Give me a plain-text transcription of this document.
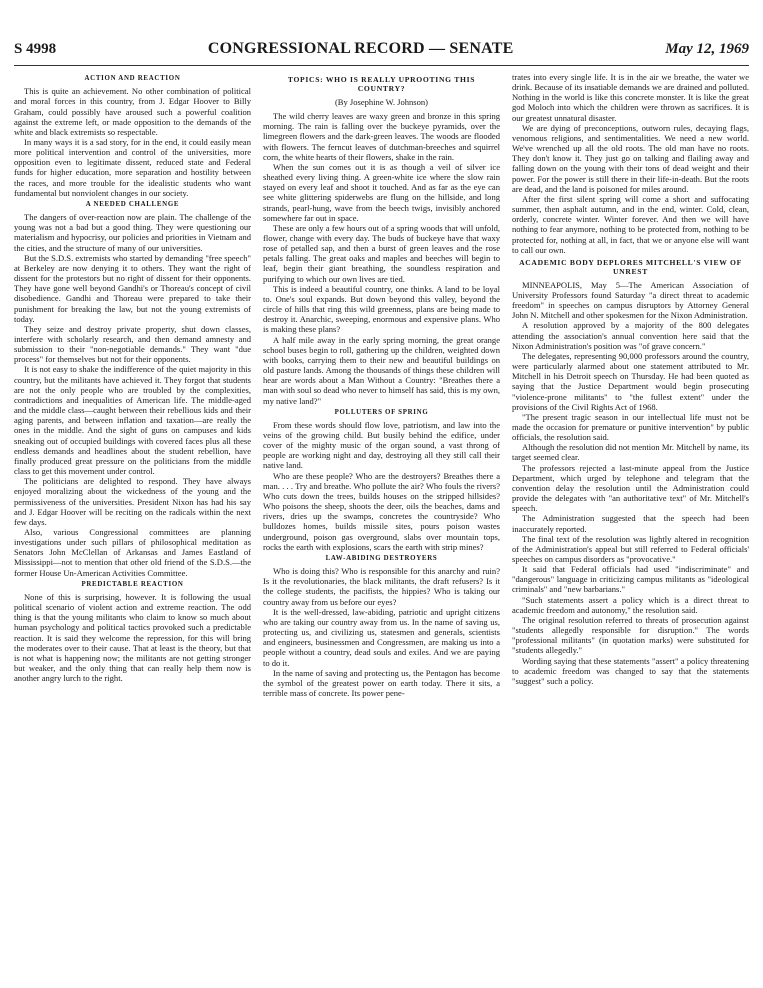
S 4998	CONGRESSIONAL RECORD — SENATE	May 12, 1969
ACTION AND REACTION

This is quite an achievement. No other combination of political and moral forces in this country, from J. Edgar Hoover to Billy Graham, could possibly have aroused such a powerful coalition against the extreme left, or made opposition to the demands of the white and black extremists so respectable.

In many ways it is a sad story, for in the end, it could easily mean more political intervention and control of the universities, more opposition even to legitimate dissent, reduced state and Federal funds for higher education, more separation and hostility between the races, and more trouble for the idealistic students who want fundamental but nonviolent changes in our society.

A NEEDED CHALLENGE

The dangers of over-reaction now are plain. The challenge of the young was not a bad but a good thing. They were questioning our materialism and hypocrisy, our policies and priorities in Vietnam and the cities, and the structure of many of our universities.

But the S.D.S. extremists who started by demanding "free speech" at Berkeley are now denying it to others. They want the right of dissent for the protestors but no right of dissent for their opponents. They have gone well beyond Gandhi's or Thoreau's concept of civil disobedience. Gandhi and Thoreau were prepared to take their punishment for breaking the law, but not the young extremists of today.

They seize and destroy private property, shut down classes, interfere with scholarly research, and then demand amnesty and submission to their "non-negotiable demands." They want "due process" for themselves but not for their opponents.

It is not easy to shake the indifference of the quiet majority in this country, but the militants have achieved it. They forgot that students are not the only people who are troubled by the complexities, contradictions and inequalities of American life. The middle-aged and the middle class—caught between their rebellious kids and their aging parents, and between inflation and taxation—are really the ones in the middle. And the sight of guns on campuses and kids sneaking out of occupied buildings with covered faces plus all these endless demands and headlines about the student rebellion, have finally produced great pressure on the politicians from the middle class to get this movement under control.

The politicians are delighted to respond. They have always enjoyed moralizing about the wickedness of the young and the permissiveness of the universities. President Nixon has had his say and J. Edgar Hoover will be reciting on the radicals within the next few days.

Also, various Congressional committees are planning investigations under such pillars of philosophical meditation as Senators John McClellan of Arkansas and James Eastland of Mississippi—not to mention that other old friend of the S.D.S.—the former House Un-American Activities Committee.

PREDICTABLE REACTION

None of this is surprising, however. It is following the usual political scenario of violent action and extreme reaction. The odd thing is that the young militants who claim to know so much about human psychology and political tactics provoked such a predictable reaction. It is said they welcome the repression, for this will bring the moderates over to their cause. That at least is the theory, but that is not what is happening now; the militants are not getting stronger but weaker, and the only thing that can really help them now is another angry lurch to the right.

TOPICS: WHO IS REALLY UPROOTING THIS COUNTRY?
(By Josephine W. Johnson)

The wild cherry leaves are waxy green and bronze in this spring morning. The rain is falling over the buckeye pyramids, over the limegreen flowers and the dark-green leaves. The woods are flooded with flowers. The ferncut leaves of dutchman-breeches and squirrel corn, the white hearts of their flowers, shake in the rain.

When the sun comes out it is as though a veil of silver ice sheathed every living thing. A green-white ice where the slow rain stayed on every leaf and shoot it touched. And as far as the eye can see white glittering spiderwebs are flung on the hillside, and long strands, pearl-hung, wave from the beech twigs, invisibly anchored somewhere far out in space.

These are only a few hours out of a spring woods that will unfold, flower, change with every day. The buds of buckeye have that waxy rose of petalled sap, and then a burst of green leaves and the rose petals falling. The great oaks and maples and beeches will begin to leaf, begin their giant breathing, the soundless respiration and purifying to which our own lives are tied.

This is indeed a beautiful country, one thinks. A land to be loyal to. One's soul expands. But down beyond this valley, beyond the circle of hills that ring this wild greenness, plans are being made to destroy it. Anarchic, sweeping, enormous and expensive plans. Who is making these plans?

A half mile away in the early spring morning, the great orange school buses begin to roll, gathering up the children, weighted down with books, carrying them to their new and beautiful buildings on old pasture lands. Among the thousands of things these children will hear are words about a Man Without a Country: "Breathes there a man with soul so dead who never to himself has said, this is my own, my native land?"

POLLUTERS OF SPRING

From these words should flow love, patriotism, and law into the veins of the growing child. But busily behind the edifice, under cover of the mighty music of the organ sound, a vast throng of people are working night and day, destroying all they still call their native land.

Who are these people? Who are the destroyers? Breathes there a man. . . . Try and breathe. Who pollute the air? Who fouls the rivers? Who cuts down the trees, builds houses on the stripped hillsides? Who poisons the sheep, shoots the deer, oils the beaches, dams and rivers, dries up the swamps, concretes the countryside? Who bulldozes homes, builds missile sites, pours poison wastes underground, poison gas overground, slabs over mountain tops, rocks the earth with explosions, scars the earth with strip mines?

LAW-ABIDING DESTROYERS

Who is doing this? Who is responsible for this anarchy and ruin? Is it the revolutionaries, the black militants, the draft refusers? Is it the college students, the pacifists, the hippies? Who is taking our country away from us before our eyes?

It is the well-dressed, law-abiding, patriotic and upright citizens who are taking our country away from us. In the name of saving us, protecting us, and civilizing us, statesmen and generals, scientists and engineers, businessmen and Congressmen, are making us into a people without a country, dead souls and exiles. And we are paying to do it.

In the name of saving and protecting us, the Pentagon has become the symbol of the greatest power on earth today. There it sits, a terrible mass of concrete. Its power pene-

trates into every single life. It is in the air we breathe, the water we drink. Because of its insatiable demands we are drained and polluted. Nothing in the world is like this concrete monster. It is like the great god Moloch into which the children were thrown as sacrifices. It is our greatest unnatural disaster.

We are dying of preconceptions, outworn rules, decaying flags, venomous religions, and sentimentalities. We need a new world. We've wrenched up all the old roots. The old man have no roots. They don't know it. They just go on talking and flailing away and falling down on the young with their tons of dead weight and their power. For the power is still there in their life-in-death. But the roots are dead, and the land is poisoned for miles around.

After the first silent spring will come a short and suffocating summer, then asphalt autumn, and in the end, winter. Cold, clean, orderly, concrete winter. Winter forever. And then we will have nothing to fear anymore, nothing to be protected from, nothing to be protected for, nothing at all, in fact, that we or anyone else will want to call our own.

ACADEMIC BODY DEPLORES MITCHELL'S VIEW OF UNREST

MINNEAPOLIS, May 5—The American Association of University Professors found Saturday "a direct threat to academic freedom" in speeches on campus disruptors by Attorney General John N. Mitchell and other spokesmen for the Nixon Administration.

A resolution approved by a majority of the 800 delegates attending the association's annual convention here said that the Nixon Administration's position was "of grave concern."

The delegates, representing 90,000 professors around the country, were particularly alarmed about one statement attributed to Mr. Mitchell in his Detroit speech on Thursday. He had been quoted as saying that the Justice Department would begin prosecuting "violence-prone militants" to "the fullest extent" under the provisions of the Civil Rights Act of 1968.

"The present tragic season in our intellectual life must not be made the occasion for premature or punitive intervention" by public officials, the resolution said.

Although the resolution did not mention Mr. Mitchell by name, its target seemed clear.

The professors rejected a last-minute appeal from the Justice Department, which urged by telephone and telegram that the convention delay the resolution until the Administration could provide the delegates with "an authoritative text" of Mr. Mitchell's speech.

The Administration suggested that the speech had been inaccurately reported.

The final text of the resolution was lightly altered in recognition of the Administration's appeal but still referred to Federal officials' speeches on campus disorders as "provocative."

It said that Federal officials had used "indiscriminate" and "dangerous" language in criticizing campus militants as "ideological criminals" and "new barbarians."

"Such statements assert a policy which is a direct threat to academic freedom and autonomy," the resolution said.

The original resolution referred to threats of prosecution against "students allegedly responsible for disruption." The words "professional militants" (in quotation marks) were substituted for "students allegedly."

Wording saying that these statements "assert" a policy threatening to academic freedom was changed to say that the statements "suggest" such a policy.
